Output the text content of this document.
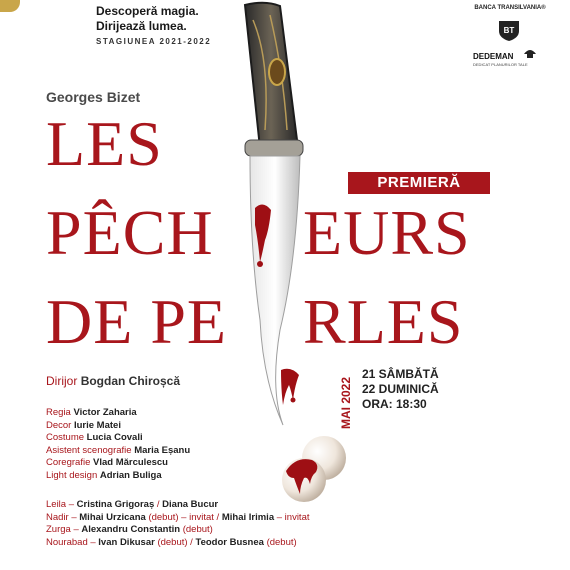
Descoperă magia.
Dirijează lumea.
STAGIUNEA 2021-2022
BANCA TRANSILVANIA®
BT
DEDEMAN
DEDICAT PLANURILOR TALE
LES
PÊCH EURS
DE PE RLES
PREMIERĂ
Georges Bizet
Dirijor Bogdan Chiroșcă	MAI 2022
21 SÂMBĂTĂ
22 DUMINICĂ
ORA: 18:30
Regia Victor Zaharia
Decor Iurie Matei
Costume Lucia Covali
Asistent scenografie Maria Eșanu
Coregrafie Vlad Mărculescu
Light design Adrian Buliga
Leila – Cristina Grigoraș / Diana Bucur
Nadir – Mihai Urzicana (debut) – invitat / Mihai Irimia – invitat
Zurga – Alexandru Constantin (debut)
Nourabad – Ivan Dikusar (debut) / Teodor Busnea (debut)
